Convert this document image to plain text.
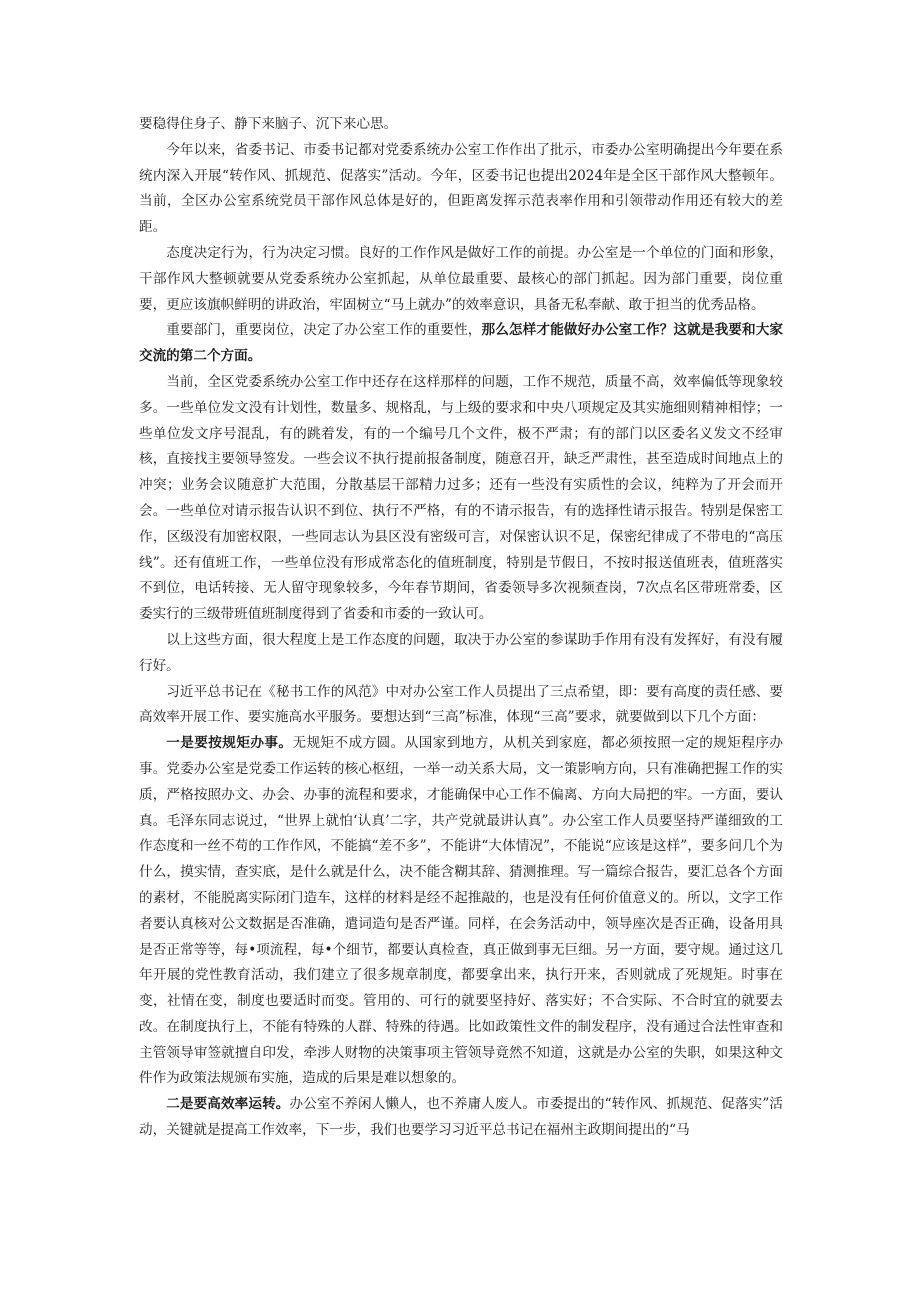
要稳得住身子、静下来脑子、沉下来心思。

今年以来，省委书记、市委书记都对党委系统办公室工作作出了批示，市委办公室明确提出今年要在系统内深入开展“转作风、抓规范、促落实”活动。今年，区委书记也提出2024年是全区干部作风大整顿年。当前，全区办公室系统党员干部作风总体是好的，但距离发挥示范表率作用和引领带动作用还有较大的差距。

态度决定行为，行为决定习惯。良好的工作作风是做好工作的前提。办公室是一个单位的门面和形象，干部作风大整顿就要从党委系统办公室抓起，从单位最重要、最核心的部门抓起。因为部门重要，岗位重要，更应该旗帜鲜明的讲政治，牢固树立“马上就办”的效率意识，具备无私奉献、敢于担当的优秀品格。

重要部门，重要岗位，决定了办公室工作的重要性，那么怎样才能做好办公室工作？这就是我要和大家交流的第二个方面。

当前，全区党委系统办公室工作中还存在这样那样的问题，工作不规范，质量不高，效率偏低等现象较多。一些单位发文没有计划性，数量多、规格乱，与上级的要求和中央八项规定及其实施细则精神相悖；一些单位发文序号混乱，有的跳着发，有的一个编号几个文件，极不严肃；有的部门以区委名义发文不经审核，直接找主要领导签发。一些会议不执行提前报备制度，随意召开，缺乏严肃性，甚至造成时间地点上的冲突；业务会议随意扩大范围，分散基层干部精力过多；还有一些没有实质性的会议，纯粹为了开会而开会。一些单位对请示报告认识不到位、执行不严格，有的不请示报告，有的选择性请示报告。特别是保密工作，区级没有加密权限，一些同志认为县区没有密级可言，对保密认识不足，保密纪律成了不带电的“高压线”。还有值班工作，一些单位没有形成常态化的值班制度，特别是节假日，不按时报送值班表，值班落实不到位，电话转接、无人留守现象较多，今年春节期间，省委领导多次视频查岗，7次点名区带班常委，区委实行的三级带班值班制度得到了省委和市委的一致认可。

以上这些方面，很大程度上是工作态度的问题，取决于办公室的参谋助手作用有没有发挥好，有没有履行好。

习近平总书记在《秘书工作的风范》中对办公室工作人员提出了三点希望，即：要有高度的责任感、要高效率开展工作、要实施高水平服务。要想达到“三高”标准，体现“三高”要求，就要做到以下几个方面：

一是要按规矩办事。无规矩不成方圆。从国家到地方，从机关到家庭，都必须按照一定的规矩程序办事。党委办公室是党委工作运转的核心枢纽，一举一动关系大局，文一策影响方向，只有准确把握工作的实质，严格按照办文、办会、办事的流程和要求，才能确保中心工作不偏离、方向大局把的牢。一方面，要认真。毛泽东同志说过，“世界上就怕‘认真’二字，共产党就最讲认真”。办公室工作人员要坚持严谨细致的工作态度和一丝不苟的工作作风，不能搞“差不多”，不能讲“大体情况”，不能说“应该是这样”，要多问几个为什么，摸实情，查实底，是什么就是什么，决不能含糊其辞、猜测推理。写一篇综合报告，要汇总各个方面的素材，不能脱离实际闭门造车，这样的材料是经不起推敲的，也是没有任何价值意义的。所以，文字工作者要认真核对公文数据是否准确，遣词造句是否严谨。同样，在会务活动中，领导座次是否正确，设备用具是否正常等等，每•项流程，每•个细节，都要认真检查，真正做到事无巨细。另一方面，要守规。通过这几年开展的党性教育活动，我们建立了很多规章制度，都要拿出来，执行开来，否则就成了死规矩。时事在变，社情在变，制度也要适时而变。管用的、可行的就要坚持好、落实好；不合实际、不合时宜的就要去改。在制度执行上，不能有特殊的人群、特殊的待遇。比如政策性文件的制发程序，没有通过合法性审查和主管领导审签就擅自印发，牵涉人财物的决策事项主管领导竟然不知道，这就是办公室的失职，如果这种文件作为政策法规颁布实施，造成的后果是难以想象的。

二是要高效率运转。办公室不养闲人懒人，也不养庸人废人。市委提出的“转作风、抓规范、促落实”活动，关键就是提高工作效率，下一步，我们也要学习习近平总书记在福州主政期间提出的“马
